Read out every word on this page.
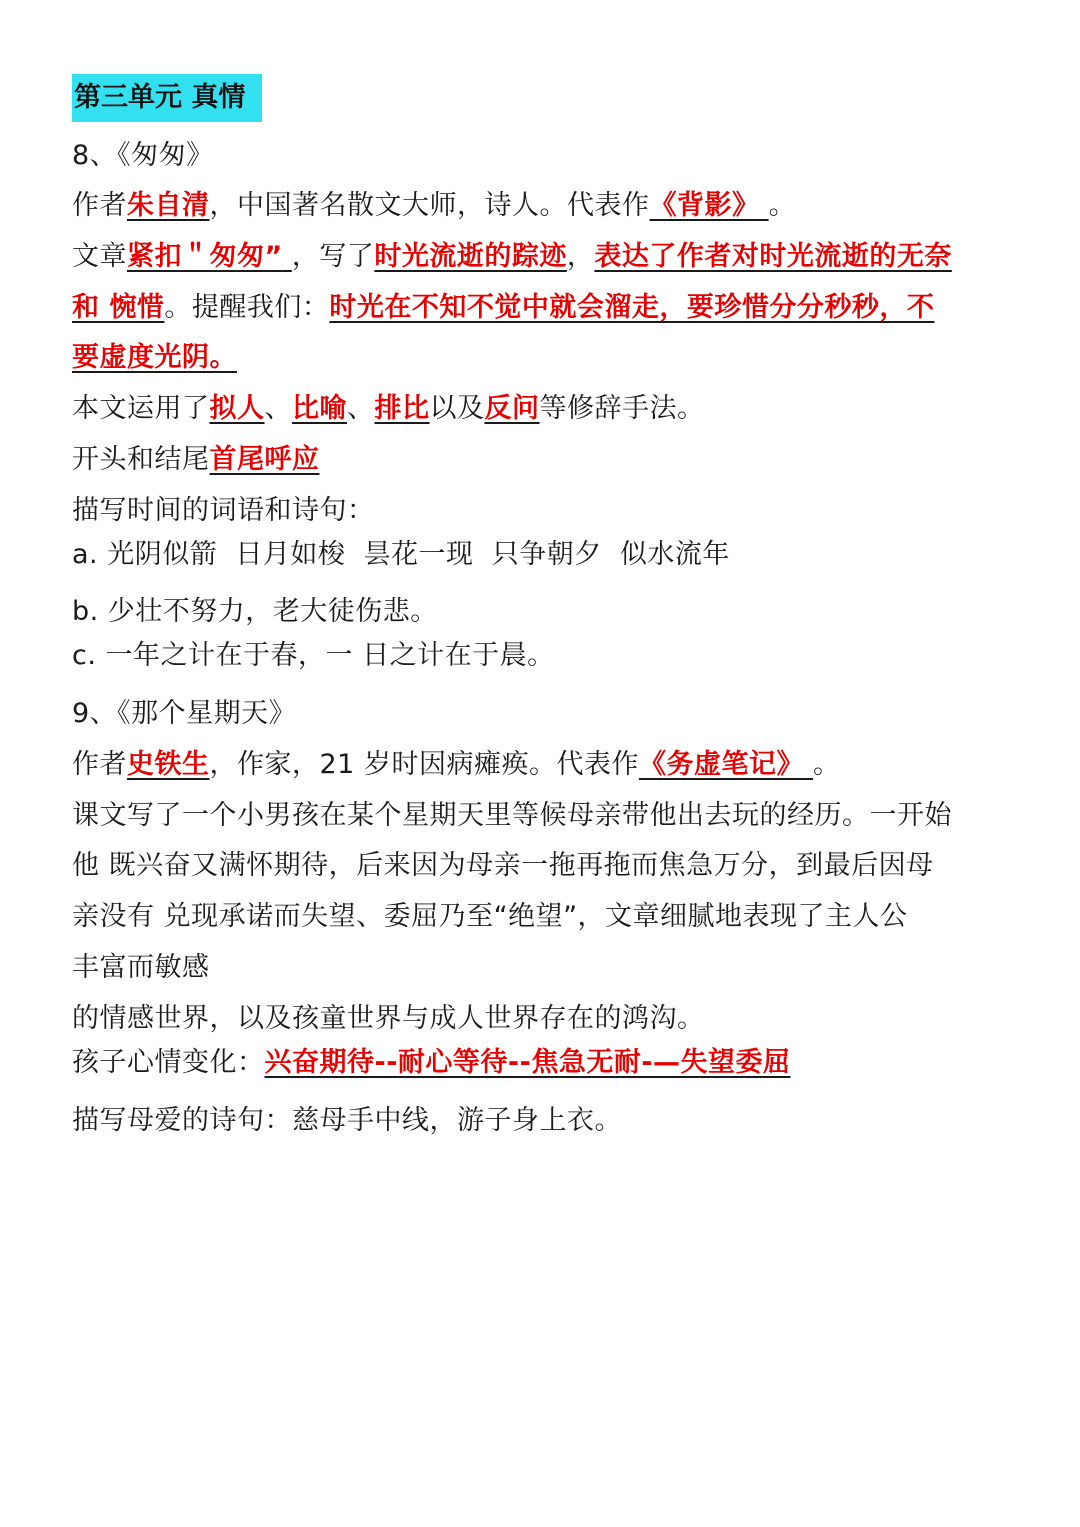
第三单元 真情
8、《匆匆》
作者朱自清，中国著名散文大师，诗人。代表作《背影》 。
文章紧扣＂匆匆” ，写了时光流逝的踪迹，表达了作者对时光流逝的无奈
和 惋惜。提醒我们：时光在不知不觉中就会溜走，要珍惜分分秒秒，不
要虚度光阴。
本文运用了拟人、比喻、排比以及反问等修辞手法。
开头和结尾首尾呼应
描写时间的词语和诗句：
a. 光阴似箭  日月如梭  昙花一现  只争朝夕  似水流年
b. 少壮不努力，老大徒伤悲。
c. 一年之计在于春，一 日之计在于晨。
9、《那个星期天》
作者史铁生，作家，21 岁时因病瘫痪。代表作《务虚笔记》 。
课文写了一个小男孩在某个星期天里等候母亲带他出去玩的经历。一开始
他 既兴奋又满怀期待，后来因为母亲一拖再拖而焦急万分，到最后因母
亲没有 兑现承诺而失望、委屈乃至“绝望”，文章细腻地表现了主人公
丰富而敏感
的情感世界，以及孩童世界与成人世界存在的鸿沟。
孩子心情变化：兴奋期待--耐心等待--焦急无耐-—失望委屈
描写母爱的诗句：慈母手中线，游子身上衣。
